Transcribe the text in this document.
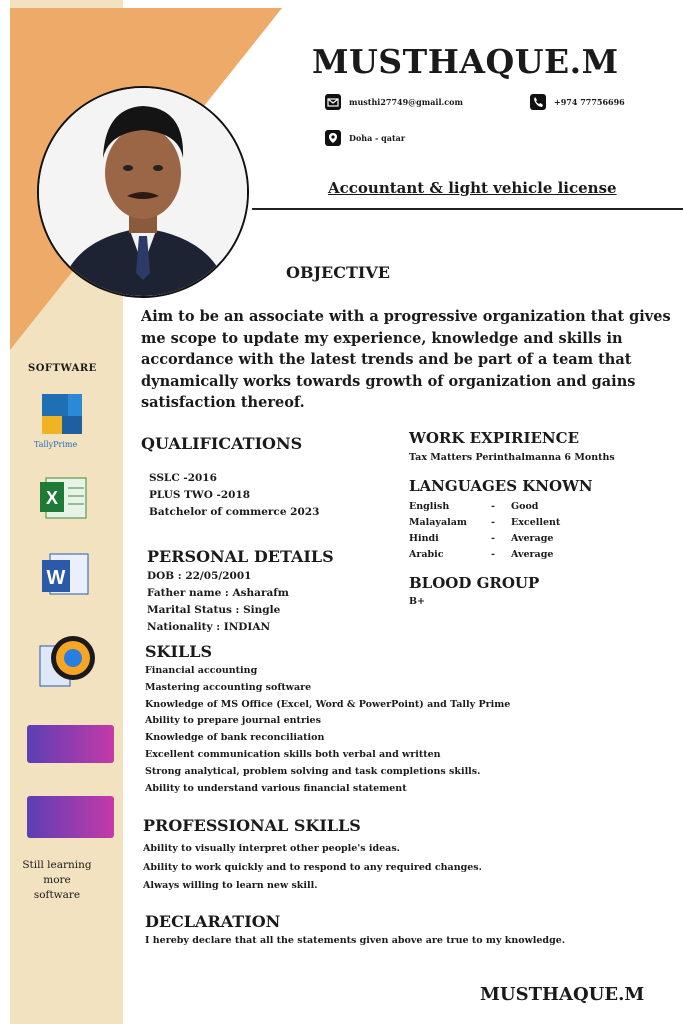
MUSTHAQUE.M
musthi27749@gmail.com	+974 77756696
Doha - qatar
Accountant & light vehicle license
OBJECTIVE
Aim to be an associate with a progressive organization that gives me scope to update my experience, knowledge and skills in accordance with the latest trends and be part of a team that dynamically works towards growth of organization and gains satisfaction thereof.
QUALIFICATIONS
SSLC -2016
PLUS TWO -2018
Batchelor of commerce 2023
WORK EXPIRIENCE
Tax Matters Perinthalmanna 6 Months
LANGUAGES KNOWN
English	-	Good
Malayalam	-	Excellent
Hindi	-	Average
Arabic	-	Average
BLOOD GROUP
B+
PERSONAL DETAILS
DOB : 22/05/2001
Father name : Asharafm
Marital Status : Single
Nationality : INDIAN
SKILLS
Financial accounting
Mastering accounting software
Knowledge of MS Office (Excel, Word & PowerPoint) and Tally Prime
Ability to prepare journal entries
Knowledge of bank reconciliation
Excellent communication skills both verbal and written
Strong analytical, problem solving and task completions skills.
Ability to understand various financial statement
PROFESSIONAL SKILLS
Ability to visually interpret other people's ideas.
Ability to work quickly and to respond to any required changes.
Always willing to learn new skill.
DECLARATION
I hereby declare that all the statements given above are true to my knowledge.
MUSTHAQUE.M
SOFTWARE
TallyPrime
X
W
Still learning more software
